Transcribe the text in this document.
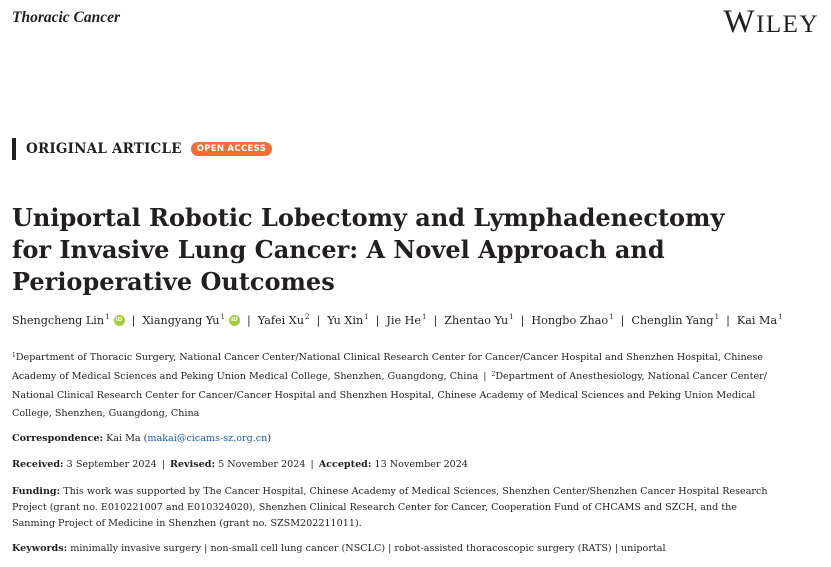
Thoracic Cancer	WILEY
ORIGINAL ARTICLE	OPEN ACCESS
Uniportal Robotic Lobectomy and Lymphadenectomy
for Invasive Lung Cancer: A Novel Approach and
Perioperative Outcomes
Shengcheng Lin$^1$	iD | Xiangyang Yu$^1$	iD | Yafei Xu$^2$ | Yu Xin$^1$ | Jie He$^1$ | Zhentao Yu$^1$ | Hongbo Zhao$^1$ | Chenglin Yang$^1$ | Kai Ma$^1$
$^1$Department of Thoracic Surgery, National Cancer Center/National Clinical Research Center for Cancer/Cancer Hospital and Shenzhen Hospital, Chinese
Academy of Medical Sciences and Peking Union Medical College, Shenzhen, Guangdong, China | $^2$Department of Anesthesiology, National Cancer Center/
National Clinical Research Center for Cancer/Cancer Hospital and Shenzhen Hospital, Chinese Academy of Medical Sciences and Peking Union Medical
College, Shenzhen, Guangdong, China
Correspondence: Kai Ma (makai@cicams-sz.org.cn)
Received: 3 September 2024 | Revised: 5 November 2024 | Accepted: 13 November 2024
Funding: This work was supported by The Cancer Hospital, Chinese Academy of Medical Sciences, Shenzhen Center/Shenzhen Cancer Hospital Research
Project (grant no. E010221007 and E010324020), Shenzhen Clinical Research Center for Cancer, Cooperation Fund of CHCAMS and SZCH, and the
Sanming Project of Medicine in Shenzhen (grant no. SZSM202211011).
Keywords: minimally invasive surgery | non-small cell lung cancer (NSCLC) | robot-assisted thoracoscopic surgery (RATS) | uniportal
